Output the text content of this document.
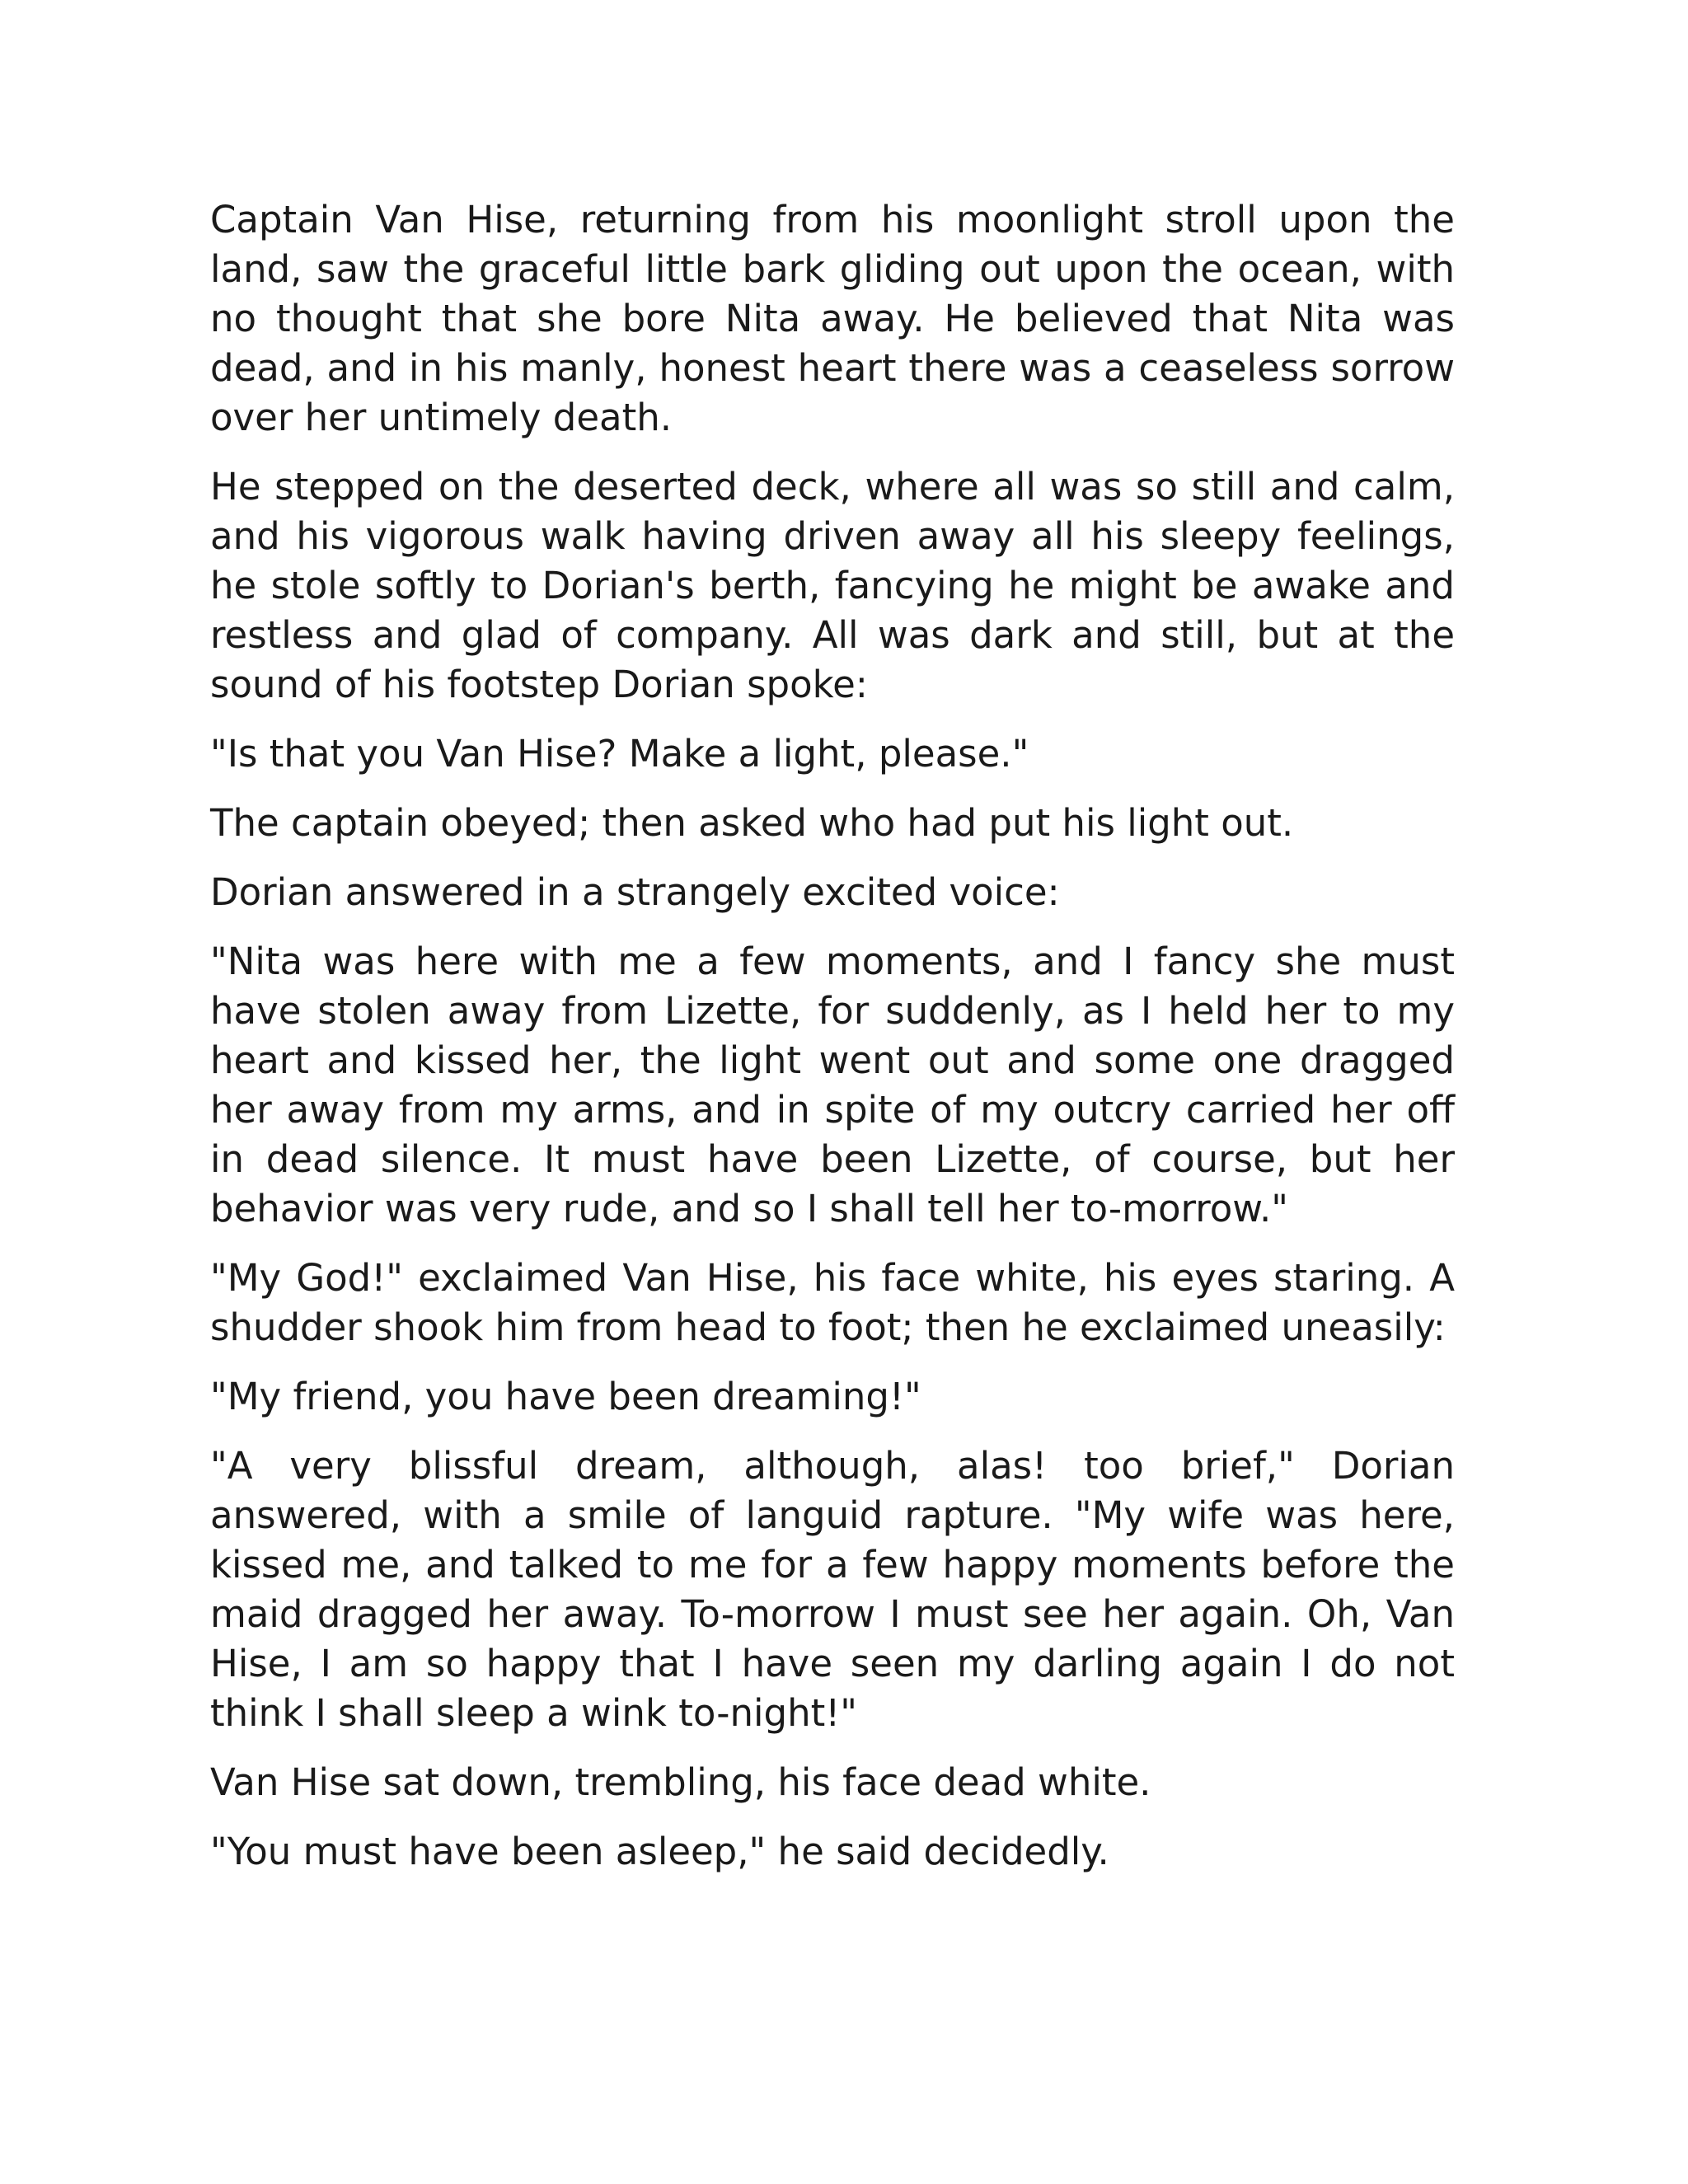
Captain Van Hise, returning from his moonlight stroll upon the land, saw the graceful little bark gliding out upon the ocean, with no thought that she bore Nita away. He believed that Nita was dead, and in his manly, honest heart there was a ceaseless sorrow over her untimely death.

He stepped on the deserted deck, where all was so still and calm, and his vigorous walk having driven away all his sleepy feelings, he stole softly to Dorian's berth, fancying he might be awake and restless and glad of company. All was dark and still, but at the sound of his footstep Dorian spoke:

"Is that you Van Hise? Make a light, please."

The captain obeyed; then asked who had put his light out.

Dorian answered in a strangely excited voice:

"Nita was here with me a few moments, and I fancy she must have stolen away from Lizette, for suddenly, as I held her to my heart and kissed her, the light went out and some one dragged her away from my arms, and in spite of my outcry carried her off in dead silence. It must have been Lizette, of course, but her behavior was very rude, and so I shall tell her to-morrow."

"My God!" exclaimed Van Hise, his face white, his eyes staring. A shudder shook him from head to foot; then he exclaimed uneasily:

"My friend, you have been dreaming!"

"A very blissful dream, although, alas! too brief," Dorian answered, with a smile of languid rapture. "My wife was here, kissed me, and talked to me for a few happy moments before the maid dragged her away. To-morrow I must see her again. Oh, Van Hise, I am so happy that I have seen my darling again I do not think I shall sleep a wink to-night!"

Van Hise sat down, trembling, his face dead white.

"You must have been asleep," he said decidedly.
